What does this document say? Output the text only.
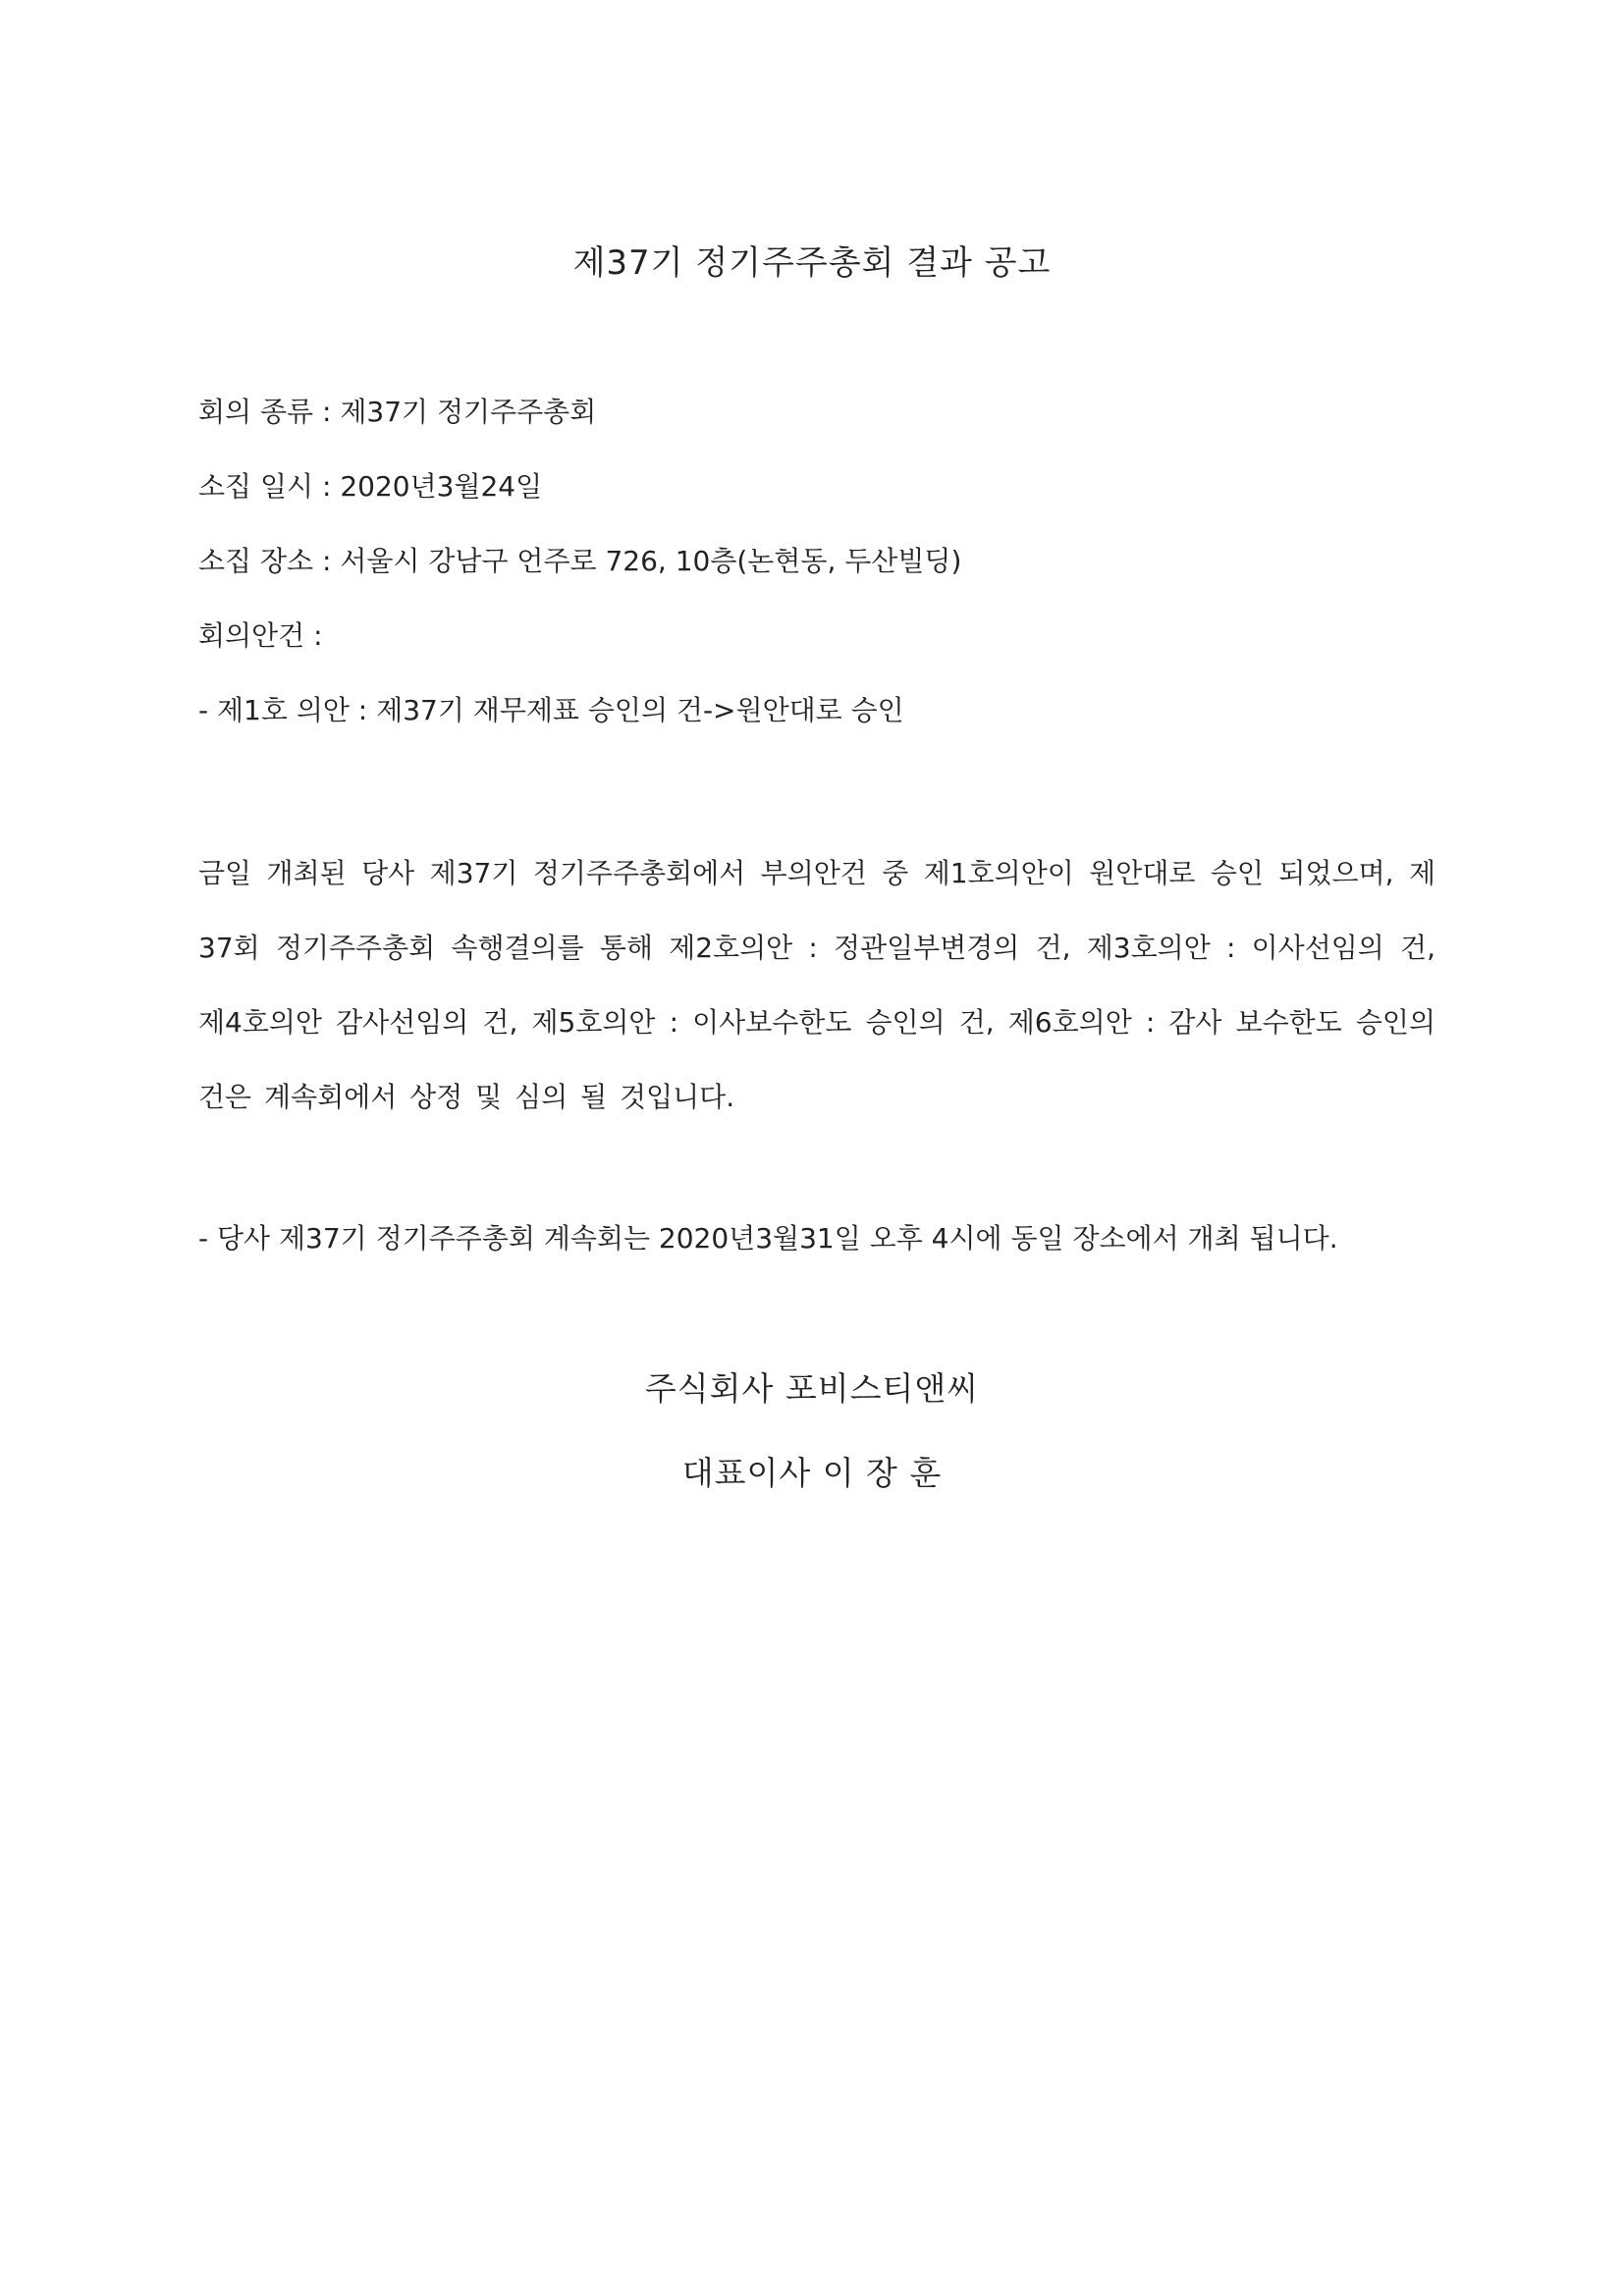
제37기 정기주주총회 결과 공고
회의 종류 : 제37기 정기주주총회
소집 일시 : 2020년3월24일
소집 장소 : 서울시 강남구 언주로 726, 10층(논현동, 두산빌딩)
회의안건 :
- 제1호 의안 : 제37기 재무제표 승인의 건->원안대로 승인
금일 개최된 당사 제37기 정기주주총회에서 부의안건 중 제1호의안이 원안대로 승인 되었으며, 제37회 정기주주총회 속행결의를 통해 제2호의안 : 정관일부변경의 건, 제3호의안 : 이사선임의 건, 제4호의안 감사선임의 건, 제5호의안 : 이사보수한도 승인의 건, 제6호의안 : 감사 보수한도 승인의 건은 계속회에서 상정 및 심의 될 것입니다.
- 당사 제37기 정기주주총회 계속회는 2020년3월31일 오후 4시에 동일 장소에서 개최 됩니다.
주식회사 포비스티앤씨
대표이사 이 장 훈
